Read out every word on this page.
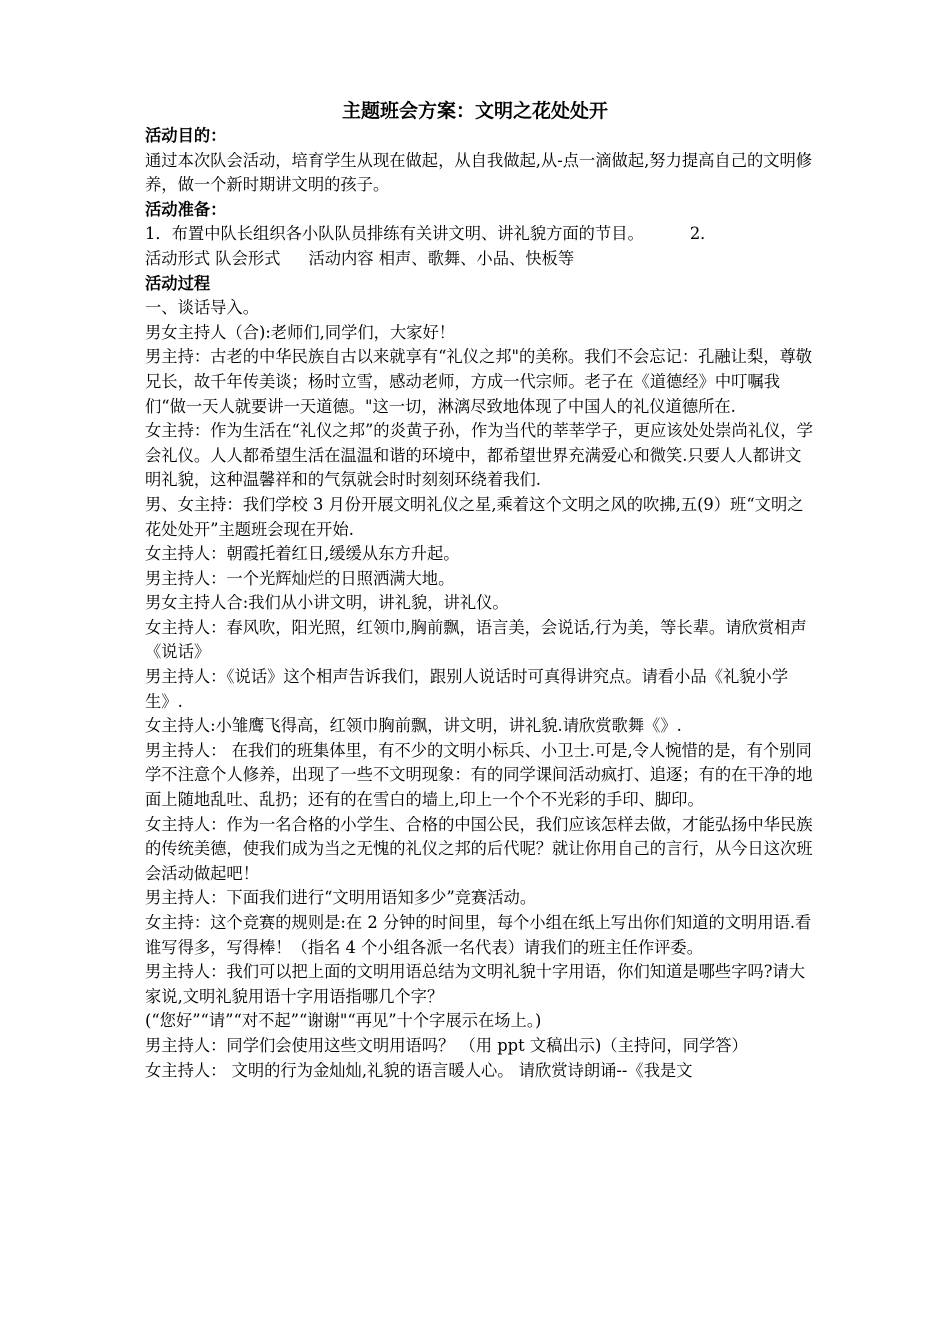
主题班会方案：文明之花处处开

活动目的：

通过本次队会活动，培育学生从现在做起，从自我做起,从-点一滴做起,努力提高自己的文明修养，做一个新时期讲文明的孩子。

活动准备：

1．布置中队长组织各小队队员排练有关讲文明、讲礼貌方面的节目。	2．

活动形式 队会形式 活动内容 相声、歌舞、小品、快板等

活动过程

一、谈话导入。

男女主持人（合):老师们,同学们，大家好！

男主持：古老的中华民族自古以来就享有“礼仪之邦"的美称。我们不会忘记：孔融让梨，尊敬兄长，故千年传美谈；杨时立雪，感动老师，方成一代宗师。老子在《道德经》中叮嘱我们“做一天人就要讲一天道德。"这一切，淋漓尽致地体现了中国人的礼仪道德所在.

女主持：作为生活在“礼仪之邦”的炎黄子孙，作为当代的莘莘学子，更应该处处崇尚礼仪，学会礼仪。人人都希望生活在温温和谐的环境中，都希望世界充满爱心和微笑.只要人人都讲文明礼貌，这种温馨祥和的气氛就会时时刻刻环绕着我们.

男、女主持：我们学校 3 月份开展文明礼仪之星,乘着这个文明之风的吹拂,五(9）班“文明之花处处开”主题班会现在开始.

女主持人：朝霞托着红日,缓缓从东方升起。

男主持人：一个光辉灿烂的日照洒满大地。

男女主持人合:我们从小讲文明，讲礼貌，讲礼仪。

女主持人：春风吹，阳光照，红领巾,胸前飘，语言美，会说话,行为美，等长辈。请欣赏相声《说话》

男主持人：《说话》这个相声告诉我们，跟别人说话时可真得讲究点。请看小品《礼貌小学生》.

女主持人:小雏鹰飞得高，红领巾胸前飘，讲文明，讲礼貌.请欣赏歌舞《》.

男主持人： 在我们的班集体里，有不少的文明小标兵、小卫士.可是,令人惋惜的是，有个别同学不注意个人修养，出现了一些不文明现象：有的同学课间活动疯打、追逐；有的在干净的地面上随地乱吐、乱扔；还有的在雪白的墙上,印上一个个不光彩的手印、脚印。

女主持人：作为一名合格的小学生、合格的中国公民，我们应该怎样去做，才能弘扬中华民族的传统美德，使我们成为当之无愧的礼仪之邦的后代呢？就让你用自己的言行，从今日这次班会活动做起吧！

男主持人：下面我们进行“文明用语知多少”竞赛活动。

女主持：这个竞赛的规则是:在 2 分钟的时间里，每个小组在纸上写出你们知道的文明用语.看谁写得多，写得棒！（指名 4 个小组各派一名代表）请我们的班主任作评委。

男主持人：我们可以把上面的文明用语总结为文明礼貌十字用语，你们知道是哪些字吗?请大家说,文明礼貌用语十字用语指哪几个字？

(“您好”“请”“对不起”“谢谢"“再见”十个字展示在场上。)

男主持人：同学们会使用这些文明用语吗？ （用 ppt 文稿出示)（主持问，同学答）

女主持人： 文明的行为金灿灿,礼貌的语言暖人心。 请欣赏诗朗诵--《我是文
